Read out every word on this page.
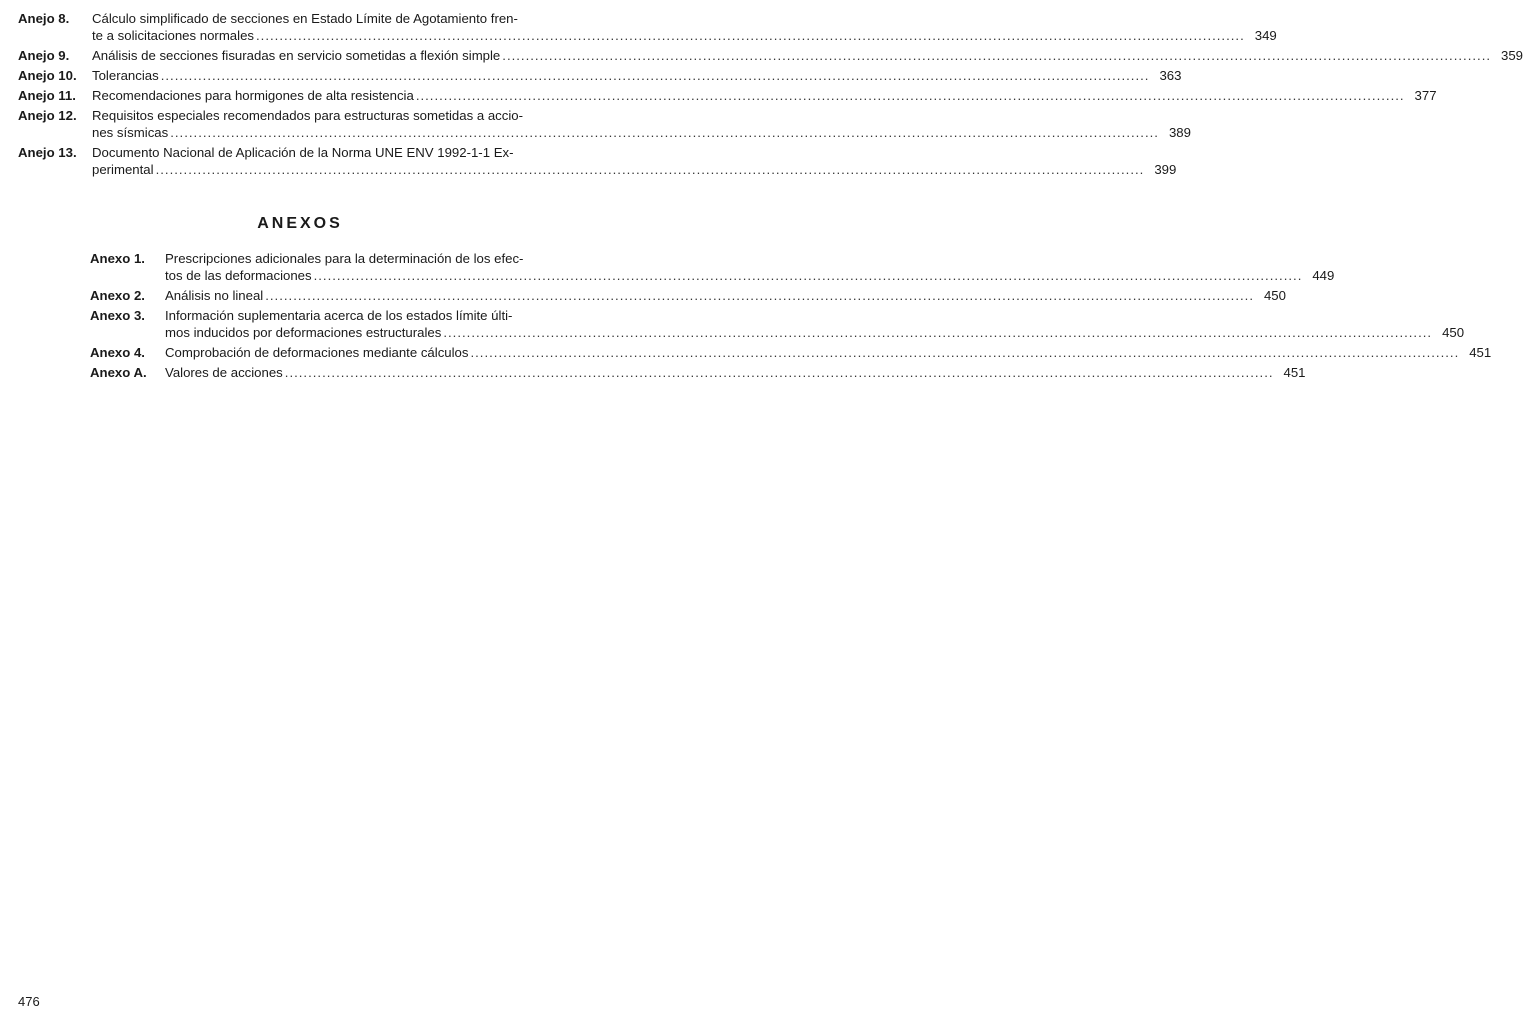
Anejo 8.	Cálculo simplificado de secciones en Estado Límite de Agotamiento fren-
te a solicitaciones normales .....	349
Anejo 9.	Análisis de secciones fisuradas en servicio sometidas a flexión simple .....	359
Anejo 10.	Tolerancias .....	363
Anejo 11.	Recomendaciones para hormigones de alta resistencia .....	377
Anejo 12.	Requisitos especiales recomendados para estructuras sometidas a accio-
nes sísmicas .....	389
Anejo 13.	Documento Nacional de Aplicación de la Norma UNE ENV 1992-1-1 Ex-
perimental .....	399
ANEXOS
Anexo 1.	Prescripciones adicionales para la determinación de los efec-
tos de las deformaciones .....	449
Anexo 2.	Análisis no lineal .....	450
Anexo 3.	Información suplementaria acerca de los estados límite últi-
mos inducidos por deformaciones estructurales .....	450
Anexo 4.	Comprobación de deformaciones mediante cálculos .....	451
Anexo A.	Valores de acciones .....	451
476
